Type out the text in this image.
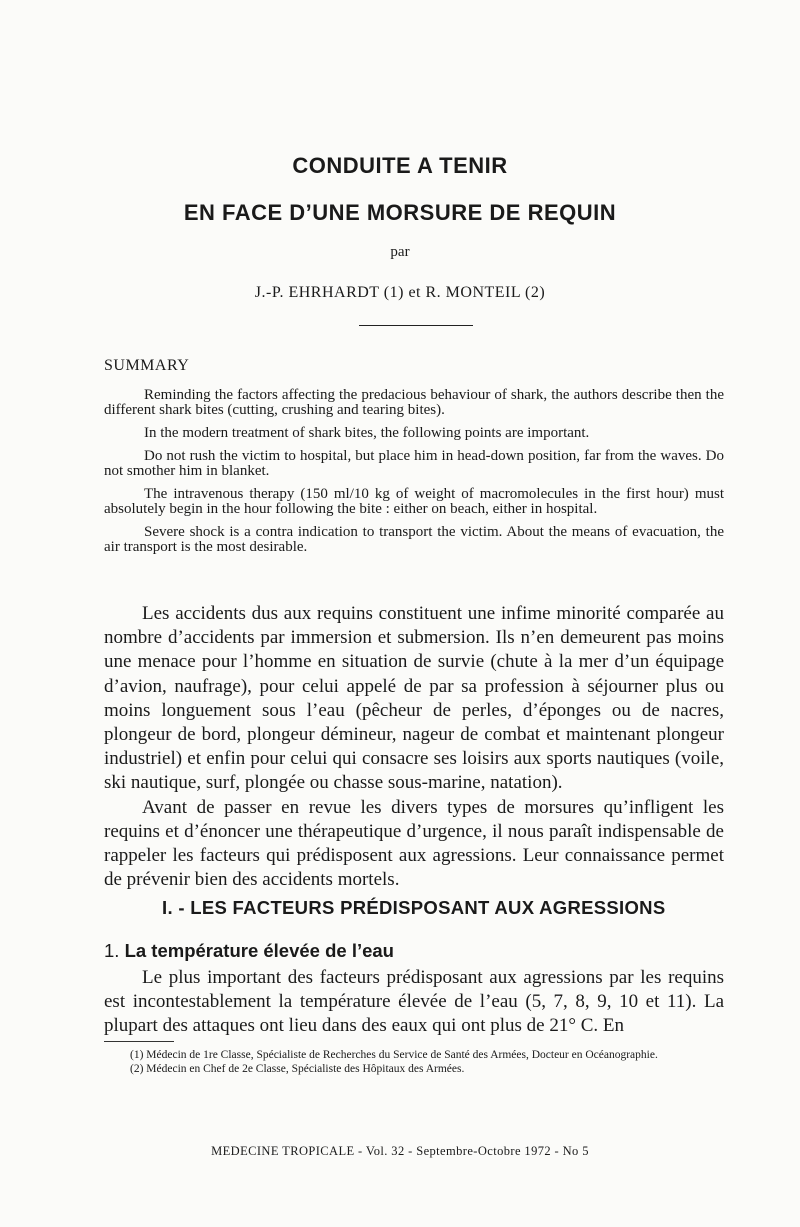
CONDUITE A TENIR
EN FACE D’UNE MORSURE DE REQUIN
par
J.-P. EHRHARDT (1) et R. MONTEIL (2)
SUMMARY

Reminding the factors affecting the predacious behaviour of shark, the authors describe then the different shark bites (cutting, crushing and tearing bites).

In the modern treatment of shark bites, the following points are important.

Do not rush the victim to hospital, but place him in head-down position, far from the waves. Do not smother him in blanket.

The intravenous therapy (150 ml/10 kg of weight of macromolecules in the first hour) must absolutely begin in the hour following the bite : either on beach, either in hospital.

Severe shock is a contra indication to transport the victim. About the means of evacuation, the air transport is the most desirable.

Les accidents dus aux requins constituent une infime minorité comparée au nombre d’accidents par immersion et submersion. Ils n’en demeurent pas moins une menace pour l’homme en situation de survie (chute à la mer d’un équipage d’avion, naufrage), pour celui appelé de par sa profession à séjourner plus ou moins longuement sous l’eau (pêcheur de perles, d’éponges ou de nacres, plongeur de bord, plongeur démineur, nageur de combat et maintenant plongeur industriel) et enfin pour celui qui consacre ses loisirs aux sports nautiques (voile, ski nautique, surf, plongée ou chasse sous-marine, natation).

Avant de passer en revue les divers types de morsures qu’infligent les requins et d’énoncer une thérapeutique d’urgence, il nous paraît indispensable de rappeler les facteurs qui prédisposent aux agressions. Leur connaissance permet de prévenir bien des accidents mortels.

I. - LES FACTEURS PRÉDISPOSANT AUX AGRESSIONS
1. La température élevée de l’eau

Le plus important des facteurs prédisposant aux agressions par les requins est incontestablement la température élevée de l’eau (5, 7, 8, 9, 10 et 11). La plupart des attaques ont lieu dans des eaux qui ont plus de 21° C. En

(1) Médecin de 1re Classe, Spécialiste de Recherches du Service de Santé des Armées, Docteur en Océanographie.

(2) Médecin en Chef de 2e Classe, Spécialiste des Hôpitaux des Armées.

MEDECINE TROPICALE - Vol. 32 - Septembre-Octobre 1972 - No 5
